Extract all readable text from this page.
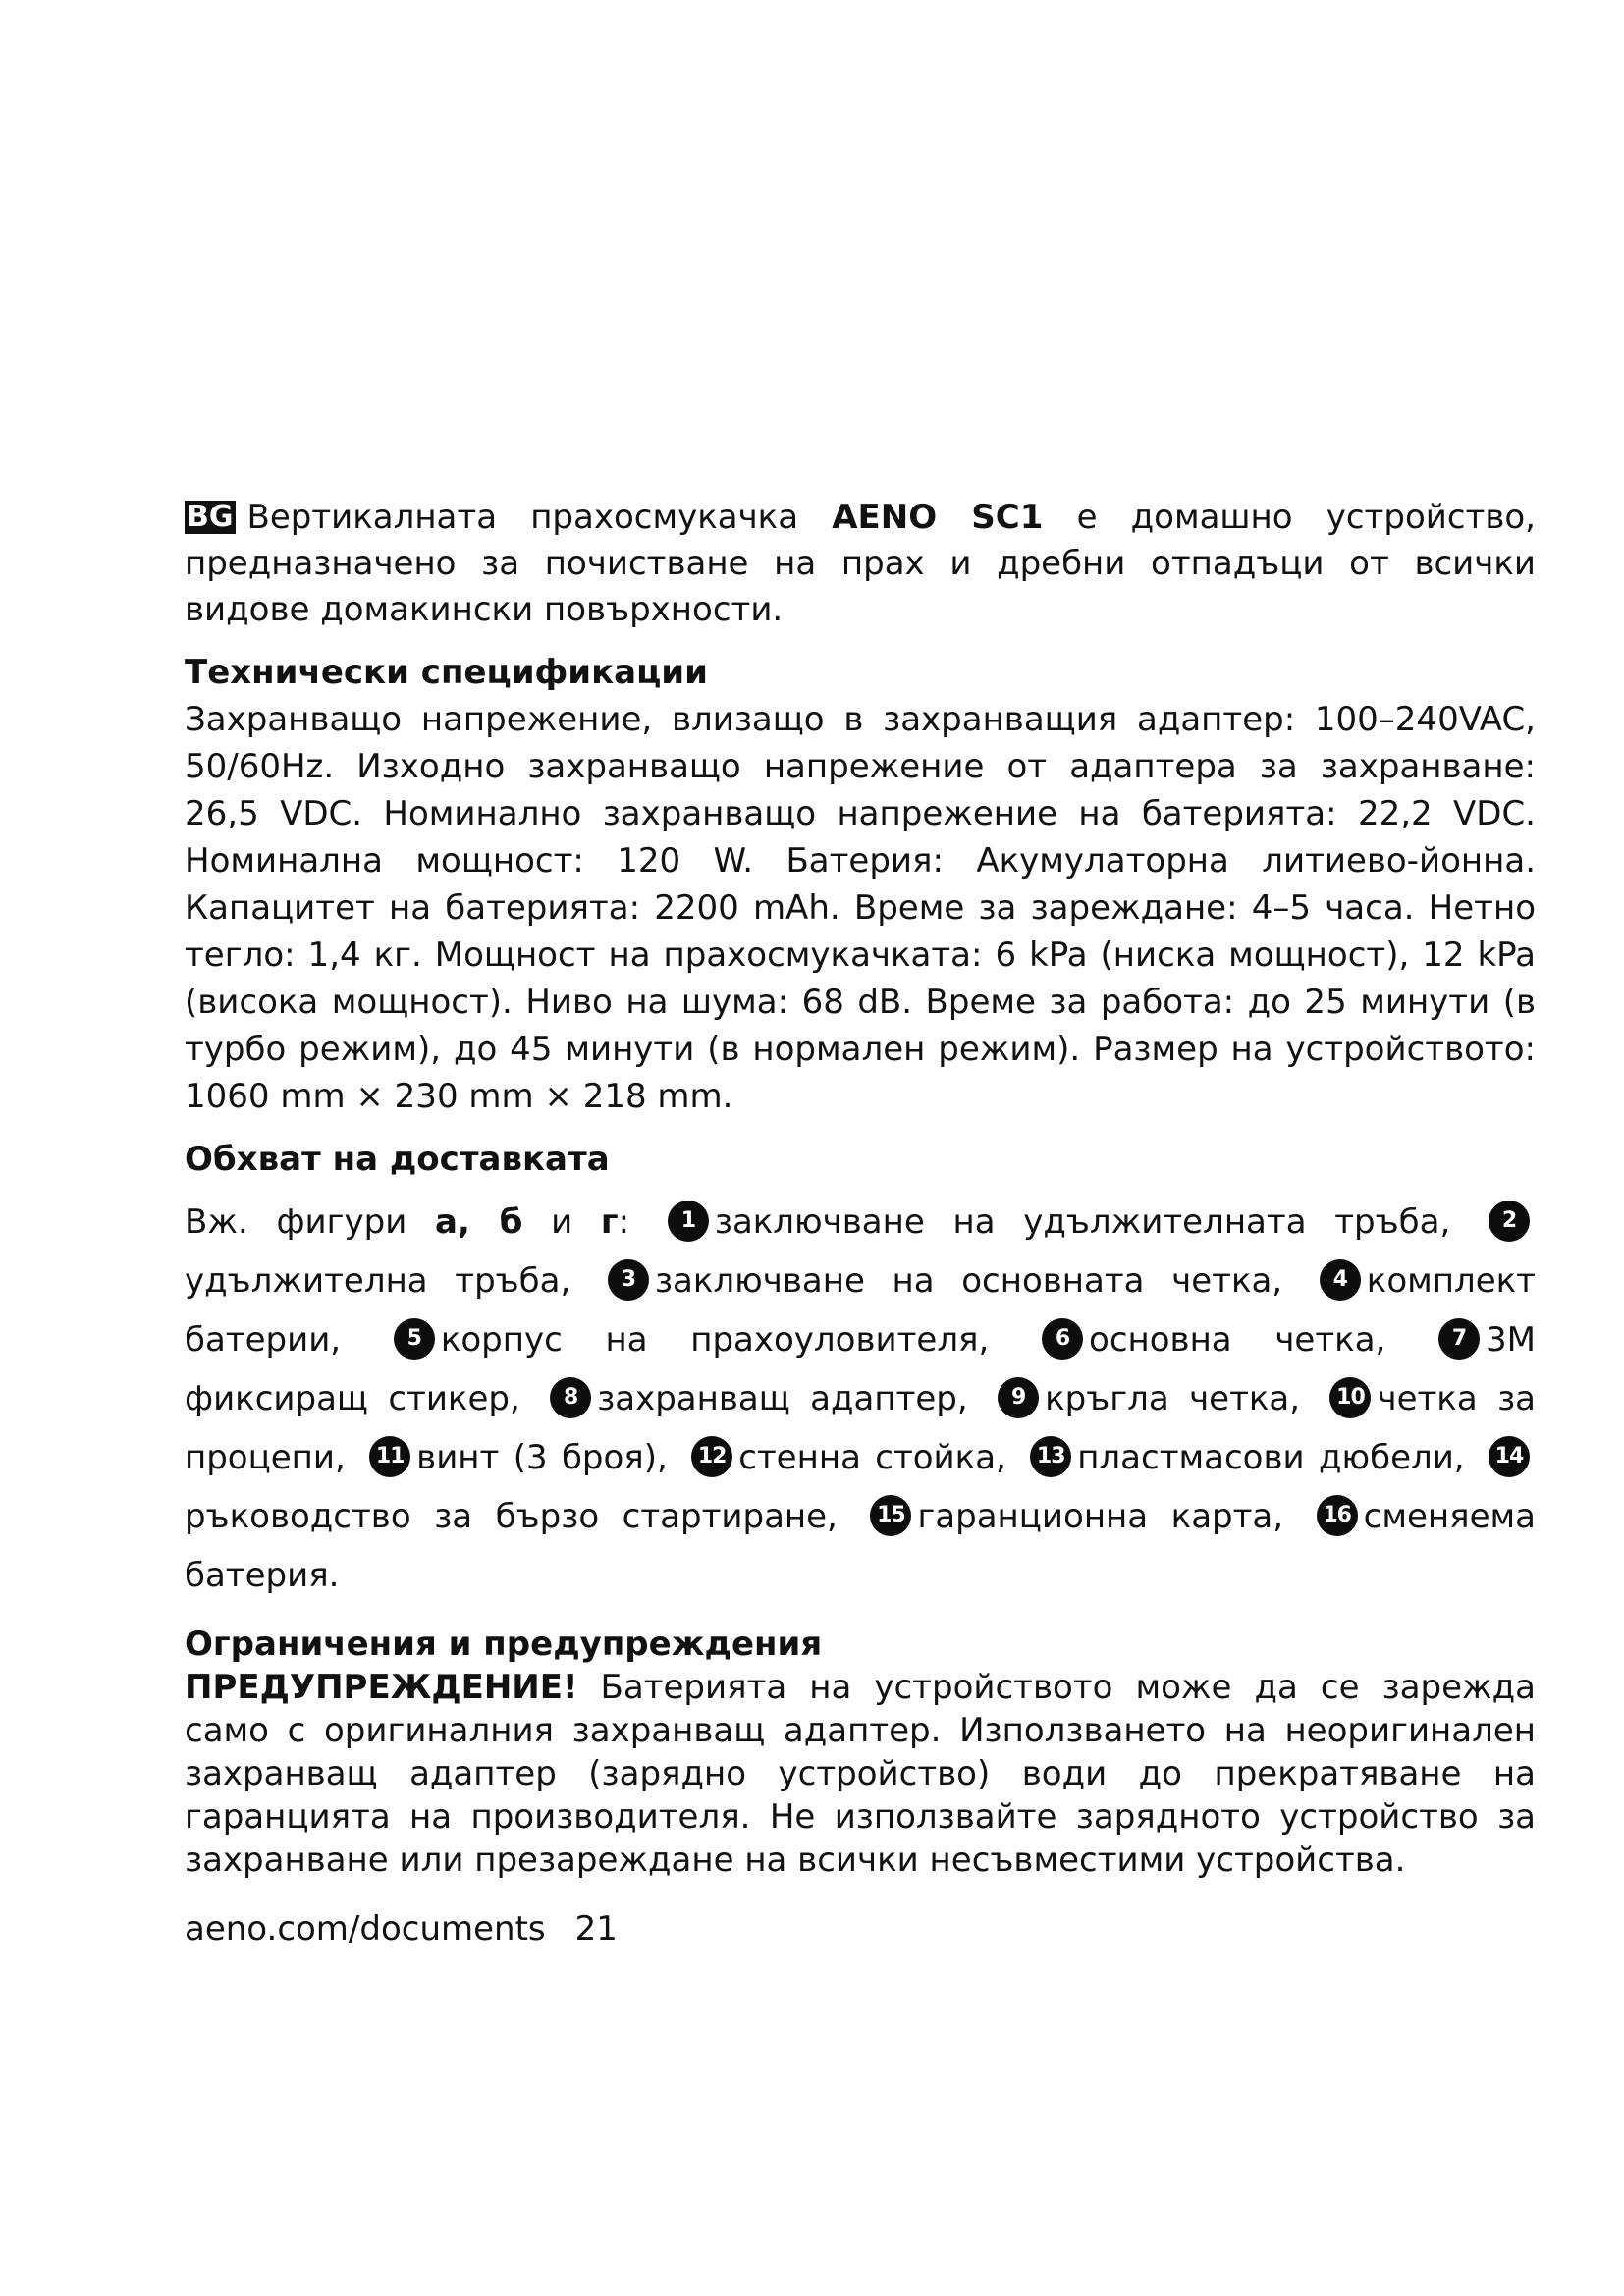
BG Вертикалната прахосмукачка AENO SC1 е домашно устройство, предназначено за почистване на прах и дребни отпадъци от всички видове домакински повърхности.

Технически спецификации

Захранващо напрежение, влизащо в захранващия адаптер: 100–240VAC, 50/60Hz. Изходно захранващо напрежение от адаптера за захранване: 26,5 VDC. Номинално захранващо напрежение на батерията: 22,2 VDC. Номинална мощност: 120 W. Батерия: Акумулаторна литиево-йонна. Капацитет на батерията: 2200 mAh. Време за зареждане: 4–5 часа. Нетно тегло: 1,4 кг. Мощност на прахосмукачката: 6 kPa (ниска мощност), 12 kPa (висока мощност). Ниво на шума: 68 dB. Време за работа: до 25 минути (в турбо режим), до 45 минути (в нормален режим). Размер на устройството: 1060 mm × 230 mm × 218 mm.

Обхват на доставката

Вж. фигури а, б и г: 1 заключване на удължителната тръба, 2удължителна тръба, 3 заключване на основната четка, 4 комплект батерии,	5 корпус на прахоуловителя,	6 основна четка,	7 3M фиксиращ стикер, 8 захранващ адаптер, 9 кръгла четка, 10 четка за процепи, 11 винт (3 броя), 12 стенна стойка, 13 пластмасови дюбели, 14ръководство за бързо стартиране, 15 гаранционна карта, 16 сменяема батерия.

Ограничения и предупреждения

ПРЕДУПРЕЖДЕНИЕ! Батерията на устройството може да се зарежда само с оригиналния захранващ адаптер. Използването на неоригинален захранващ адаптер (зарядно устройство) води до прекратяване на гаранцията на производителя. Не използвайте зарядното устройство за захранване или презареждане на всички несъвместими устройства.

aeno.com/documents 21
